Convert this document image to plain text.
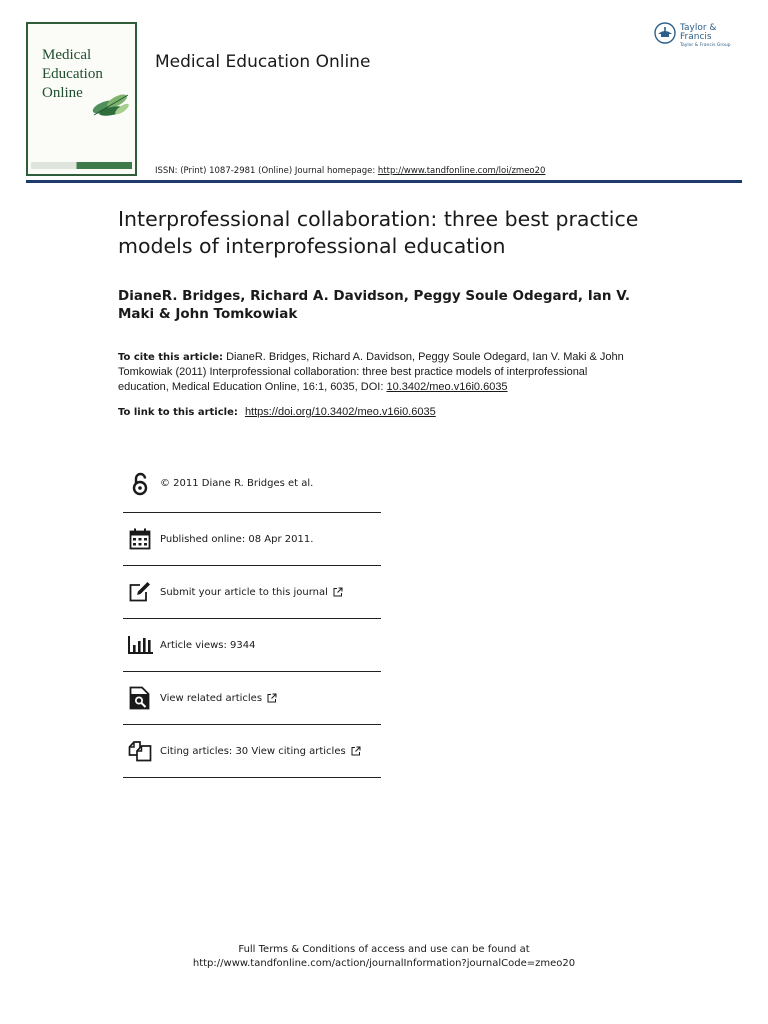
Medical
Education
Online
Medical Education Online
Taylor & Francis
Taylor & Francis Group
ISSN: (Print) 1087-2981 (Online) Journal homepage: http://www.tandfonline.com/loi/zmeo20
Interprofessional collaboration: three best practice models of interprofessional education
DianeR. Bridges, Richard A. Davidson, Peggy Soule Odegard, Ian V. Maki & John Tomkowiak
To cite this article: DianeR. Bridges, Richard A. Davidson, Peggy Soule Odegard, Ian V. Maki & John Tomkowiak (2011) Interprofessional collaboration: three best practice models of interprofessional education, Medical Education Online, 16:1, 6035, DOI: 10.3402/meo.v16i0.6035
To link to this article: https://doi.org/10.3402/meo.v16i0.6035
© 2011 Diane R. Bridges et al.
Published online: 08 Apr 2011.
Submit your article to this journal
Article views: 9344
View related articles
Citing articles: 30 View citing articles
Full Terms & Conditions of access and use can be found at
http://www.tandfonline.com/action/journalInformation?journalCode=zmeo20
